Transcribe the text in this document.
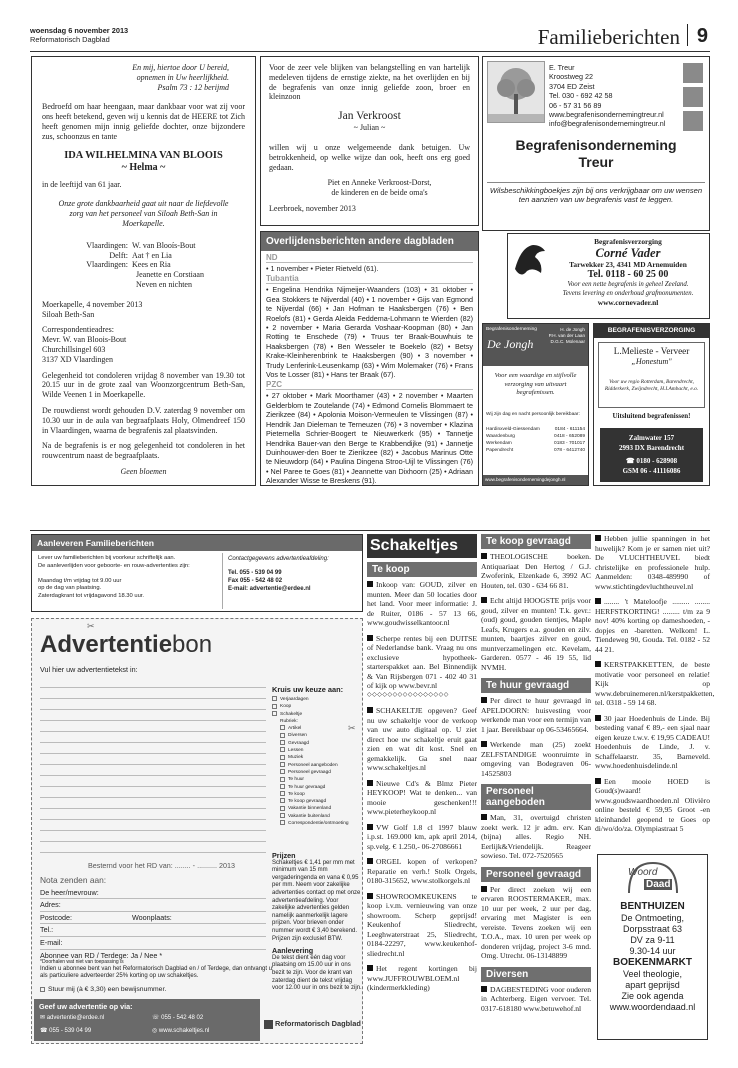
woensdag 6 november 2013
Reformatorisch Dagblad	Familieberichten 9
En mij, hiertoe door U bereid,
opnemen in Uw heerlijkheid.
Psalm 73 : 12 berijmd

Bedroefd om haar heengaan, maar dankbaar voor wat zij voor ons heeft betekend, geven wij u kennis dat de HEERE tot Zich heeft genomen mijn innig geliefde dochter, onze bijzondere zus, schoonzus en tante

IDA WILHELMINA VAN BLOOIS
~ Helma ~

in de leeftijd van 61 jaar.

Onze grote dankbaarheid gaat uit naar de liefdevolle zorg van het personeel van Siloah Beth-San in Moerkapelle.

Vlaardingen: W. van Blooís-Bout
Delft: Aat † en Lia
Vlaardingen: Kees en Ria
Jeanette en Corstiaan
Neven en nichten
Moerkapelle, 4 november 2013

Siloah Beth-San

Correspondentieadres:
Mevr. W. van Bloois-Bout
Churchillsingel 603
3137 XD Vlaardingen

Gelegenheid tot condoleren vrijdag 8 november van 19.30 tot 20.15 uur in de grote zaal van Woonzorgcentrum Beth-San, Wilde Veenen 1 in Moerkapelle.

De rouwdienst wordt gehouden D.V. zaterdag 9 november om 10.30 uur in de aula van begraafplaats Holy, Olmendreef 150 in Vlaardingen, waarna de begrafenis zal plaatsvinden.

Na de begrafenis is er nog gelegenheid tot condoleren in het rouwcentrum naast de begraafplaats.

Geen bloemen

Voor de zeer vele blijken van belangstelling en van hartelijk medeleven tijdens de ernstige ziekte, na het overlijden en bij de begrafenis van onze innig geliefde zoon, broer en kleinzoon

Jan Verkroost
~ Julian ~

willen wij u onze welgemeende dank betuigen. Uw betrokkenheid, op welke wijze dan ook, heeft ons erg goed gedaan.

Piet en Anneke Verkroost-Dorst,
de kinderen en de beide oma's
Leerbroek, november 2013
Overlijdensberichten andere dagbladen
ND
• 1 november • Pieter Rietveld (61).
Tubantia
• Engelina Hendrika Nijmeijer-Waanders (103) • 31 oktober • Gea Stokkers te Nijverdal (40) • 1 november • Gijs van Egmond te Nijverdal (66) • Jan Hofman te Haaksbergen (76) • Ben Roelofs (81) • Gerda Aleida Feddema-Lohmann te Wierden (82) • 2 november • Maria Gerarda Voshaar-Koopman (80) • Jan Rotting te Enschede (79) • Truus ter Braak-Bouwhuis te Haaksbergen (78) • Ben Wesseler te Boekelo (82) • Betsy Krake-Kleinherenbrink te Haaksbergen (90) • 3 november • Trudy Lenferink-Leusenkamp (63) • Wim Molemaker (76) • Frans Vos te Losser (81) • Hans ter Braak (67).
PZC
• 27 oktober • Mark Moorthamer (43) • 2 november • Maarten Gelderblom te Zoutelande (74) • Edmond Cornelis Blommaert te Zierikzee (84) • Apolonia Moison-Vermeulen te Vlissingen (87) • Hendrik Jan Dieleman te Terneuzen (76) • 3 november • Klazina Pieternella Schrier-Boogert te Nieuwerkerk (95) • Tannetje Hendrika Bauer-van den Berge te Krabbendijke (91) • Jannetje Duinhouwer-den Boer te Zierikzee (82) • Jacobus Marinus Otte te Nieuwdorp (64) • Paulina Dingena Stroo-Uijl te Vlissingen (76) • Nel Paree te Goes (81) • Jeannette van Dixhoorn (25) • Adriaan Alexander Wisse te Breskens (91).
E. Treur
Kroostweg 22
3704 ED Zeist
Tel. 030 - 692 42 58
06 - 57 31 56 89
www.begrafenisondernemingtreur.nl
info@begrafenisondernemingtreur.nl
Begrafenisonderneming
Treur
Wilsbeschikkingboekjes zijn bij ons verkrijgbaar om uw wensen ten aanzien van uw begrafenis vast te leggen.
Begrafenisverzorging
Corné Vader
Tarwekker 23, 4341 MD Arnemuiden
Tel. 0118 - 60 25 00
Voor een nette begrafenis in geheel Zeeland.
Tevens levering en onderhoud grafmonumenten.
www.cornevader.nl
Begrafenisonderneming
De Jongh
H. de Jongh
P.H. van der Laan
D.G.C. Molenaar
Voor een waardige en stijlvolle verzorging van uitvaart begrafenissen.
Wij zijn dag en nacht persoonlijk bereikbaar:
Hardinxveld-Giessendam	0184 - 611154
Waardenburg	0418 - 652089
Werkendam	0183 - 701017
Papendrecht	078 - 6412740
www.begrafenisondernemingdejongh.nl
BEGRAFENISVERZORGING
L.Melieste - Verveer
„Honestum"
Voor uw regio Rotterdam, Barendrecht, Ridderkerk, Zwijndrecht, H.I.Ambacht, e.o.
Uitsluitend begrafenissen!
Zalmwater 157
2993 DX Barendrecht
☎ 0180 - 628908
GSM 06 - 41116086
Aanleveren Familieberichten
Lever uw familieberichten bij voorkeur schriftelijk aan.
De aanleverlijden voor geboorte- en rouw-advertenties zijn:
Maandag t/m vrijdag tot 9.00 uur
op de dag van plaatsing.
Zaterdagkrant tot vrijdagavond 18.30 uur.
Contactgegevens advertentieafdeling:
Tel. 055 - 539 04 99
Fax 055 - 542 48 02
E-mail: advertentie@erdee.nl
✂
Advertentiebon
Vul hier uw advertentietekst in:
Kruis uw keuze aan:
Verjaardagen
Koop
Schakeltje
Rubriek:
Artikel
Diversen
Gevraagd
Lessen
Muziek
Personeel aangeboden
Personeel gevraagd
Te huur
Te huur gevraagd
Te koop
Te koop gevraagd
Vakantie binnenland
Vakantie buitenland
Correspondentie/ontmoeting
✂
Besternd voor het RD van: ........ - .......... 2013
Nota zenden aan:
De heer/mevrouw:
Adres:
Postcode:	Woonplaats:
Tel.:
E-mail:
Abonnee van RD / Terdege: Ja / Nee *
*Doorhalen wat niet van toepassing is
Indien u abonnee bent van het Reformatorisch Dagblad en / of Terdege, dan ontvangt u als particuliere adverteerder 25% korting op uw schakeltjes.
Stuur mij (à € 3,30) een bewijsnummer.
Prijzen
Schakeltjes € 1,41 per mm met minimum van 15 mm vergaderingenda en vana € 0,95 per mm. Neem voor zakelijke advertenties contact op met onze advertentieafdeling. Voor zakelijke advertenties gelden namelijk aanmerkelijk lagere prijzen. Voor brieven onder nummer wordt € 3,40 berekend. Prijzen zijn exclusief BTW.
Aanlevering
De tekst dient één dag voor plaatsing om 15.00 uur in ons bezit te zijn. Voor de krant van zaterdag dient de tekst vrijdag voor 12.00 uur in ons bezit te zijn.
Geef uw advertentie op via:
✉ advertentie@erdee.nl	☏ 055 - 542 48 02
☎ 055 - 539 04 99	◎ www.schakeltjes.nl
Reformatorisch Dagblad
Schakeltjes
Te koop
Inkoop van: GOUD, zilver en munten. Meer dan 50 locaties door het land. Voor meer informatie: J. de Ruiter, 0186 - 57 13 66, www.goudwisselkantoor.nl
Scherpe rentes bij een DUITSE of Nederlandse bank. Vraag nu ons exclusieve hypotheek-starterspakket aan. Bel Binnendijk & Van Rijsbergen 071 - 402 40 31 of kijk op www.bevr.nl
◇◇◇◇◇◇◇◇◇◇◇◇◇◇◇◇
SCHAKELTJE opgeven? Geef nu uw schakeltje voor de verkoop van uw auto digitaal op. U ziet direct hoe uw schakeltje eruit gaat zien en wat dit kost. Snel en gemakkelijk. Ga snel naar www.schakeltjes.nl
Nieuwe Cd's & Blmz Pieter HEYKOOP! Wat te denken... van mooie geschenken!!! www.pieterheykoop.nl
VW Golf 1.8 cl 1997 blauw i.p.st. 169.000 km, apk april 2014, sp.velg. € 1.250,- 06-27086661
ORGEL kopen of verkopen? Reparatie en verh.! Stolk Orgels, 0180-315652, www.stolkorgels.nl
SHOWROOMKEUKENS te koop i.v.m. vernieuwing van onze showroom. Scherp geprijsd! Keukenhof Sliedrecht, Leeghwaterstraat 25, Sliedrecht, 0184-22297, www.keukenhof-sliedrecht.nl
Het regent kortingen bij www.JUFFROUWBLOEM.nl (kindermerkkleding)
Te koop gevraagd
THEOLOGISCHE boeken. Antiquariaat Den Hertog / G.J. Zwoferink, Elzenkade 6, 3992 AC Houten, tel. 030 - 634 66 81.
Echt altijd HOOGSTE prijs voor goud, zilver en munten! T.k. gevr.: (oud) goud, gouden tientjes, Maple Leafs, Krugers e.a. gouden en zilv. munten, baartjes zilver en goud, muntverzamelingen etc. Kevelam, Garderen. 0577 - 46 19 55, lid NVMH.
Te huur gevraagd
Per direct te huur gevraagd in APELDOORN: huisvesting voor werkende man voor een termijn van 1 jaar. Bereikbaar op 06-53465664.
Werkende man (25) zoekt ZELFSTANDIGE woonruimte in omgeving van Bodegraven 06-14525803
Personeel aangeboden
Man, 31, overtuigd christen zoekt werk. 12 jr adm. erv. Kan (bijna) alles. Regio NH. Eerlijk&Vriendelijk. Reageer sowieso. Tel. 072-7520565
Personeel gevraagd
Per direct zoeken wij een ervaren ROOSTERMAKER, max. 10 uur per week, 2 uur per dag, ervaring met Magister is een vereiste. Tevens zoeken wij een T.O.A., max. 10 uren per week op donderen vrijdag, project 3-6 mnd. Omg. Utrecht. 06-13148899
Diversen
DAGBESTEDING voor ouderen in Achterberg. Eigen vervoer. Tel. 0317-618180 www.betuwehof.nl
Hebben jullie spanningen in het huwelijk? Kom je er samen niet uit? De VLUCHTHEUVEL biedt christelijke en professionele hulp. Aanmelden: 0348-489990 of www.stichtingdevluchtheuvel.nl
........ 't Mateloofje ......... ........ HERFSTKORTING! ......... t/m za 9 nov! 40% korting op dameshoeden, -dopjes en -baretten. Welkom! L. Tiendeweg 90, Gouda. Tel. 0182 - 52 44 21.
KERSTPAKKETTEN, de beste motivatie voor personeel en relatie! Kijk op www.debruinemeren.nl/kerstpakketten, tel. 0318 - 59 14 68.
30 jaar Hoedenhuis de Linde. Bij besteding vanaf € 89,- een sjaal naar eigen keuze t.w.v. € 19,95 CADEAU! Hoedenhuis de Linde, J. v. Schaffelaarstr. 35, Barneveld. www.hoedenhuisdelinde.nl
Een mooie HOED is Goud(s)waard! www.goudswaardhoeden.nl Olivièro online besteld € 59,95 Groot -en kleinhandel geopend te Goes op di/wo/do/za. Olympiastraat 5
Woord
Daad
BENTHUIZEN
De Ontmoeting,
Dorpsstraat 63
DV za 9-11
9.30-14 uur
BOEKENMARKT
Veel theologie,
apart geprijsd
Zie ook agenda
www.woordendaad.nl
